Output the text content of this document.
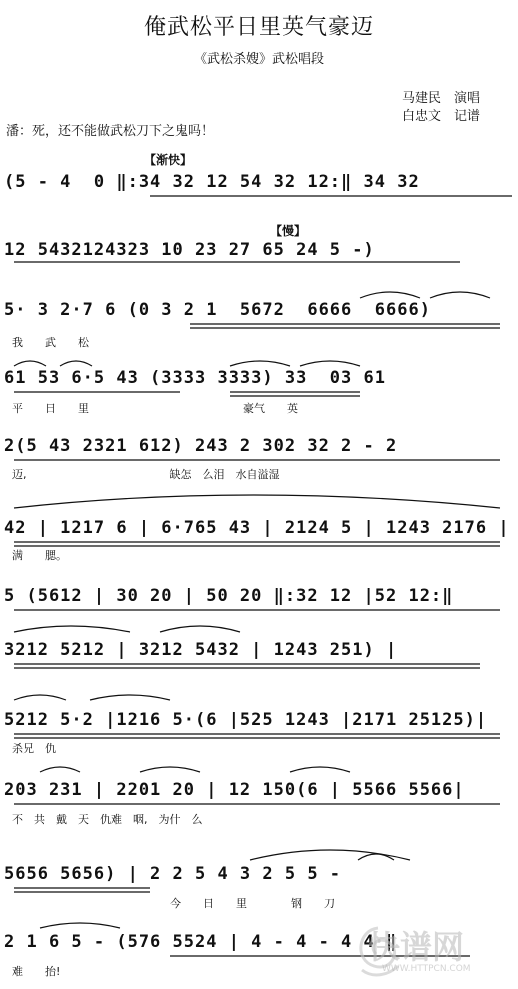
俺武松平日里英气豪迈
《武松杀嫂》武松唱段
马建民　演唱
白忠文　记谱
潘：死，还不能做武松刀下之鬼吗！
【渐快】
【慢】
(5 - 4  0 ‖:34 32 12 54 32 12:‖ 34 32
12 5432124323 10 23 27 65 24 5 -)
5· 3 2·7 6 (0 3 2 1  5672  6666  6666)
我　　武　　松
61 53 6·5 43 (3333 3333) 33  03 61
平　　日　　里　　　　　　　　　　　　　　豪气　　英
2(5 43 2321 612) 243 2 302 32 2 - 2
迈,　　　　　　　　　　　　　缺怎　么泪　水自溢湿
42 | 1217 6 | 6·765 43 | 2124 5 | 1243 2176 |
满　　腮。
5 (5612 | 30 20 | 50 20 ‖:32 12 |52 12:‖
3212 5212 | 3212 5432 | 1243 251) |
5212 5·2 |1216 5·(6 |525 1243 |2171 25125)|
杀兄　仇
203 231 | 2201 20 | 12 150(6 | 5566 5566|
不　共　戴　天　仇难　咽,　为什　么
5656 5656) | 2 2 5 4 3 2 5 5 -
今　　日　　里　　　　钢　　刀
2 1 6 5 - (576 5524 | 4 - 4 - 4 4 ‖
难　　抬!
快谱网
WWW.HTTPCN.COM
